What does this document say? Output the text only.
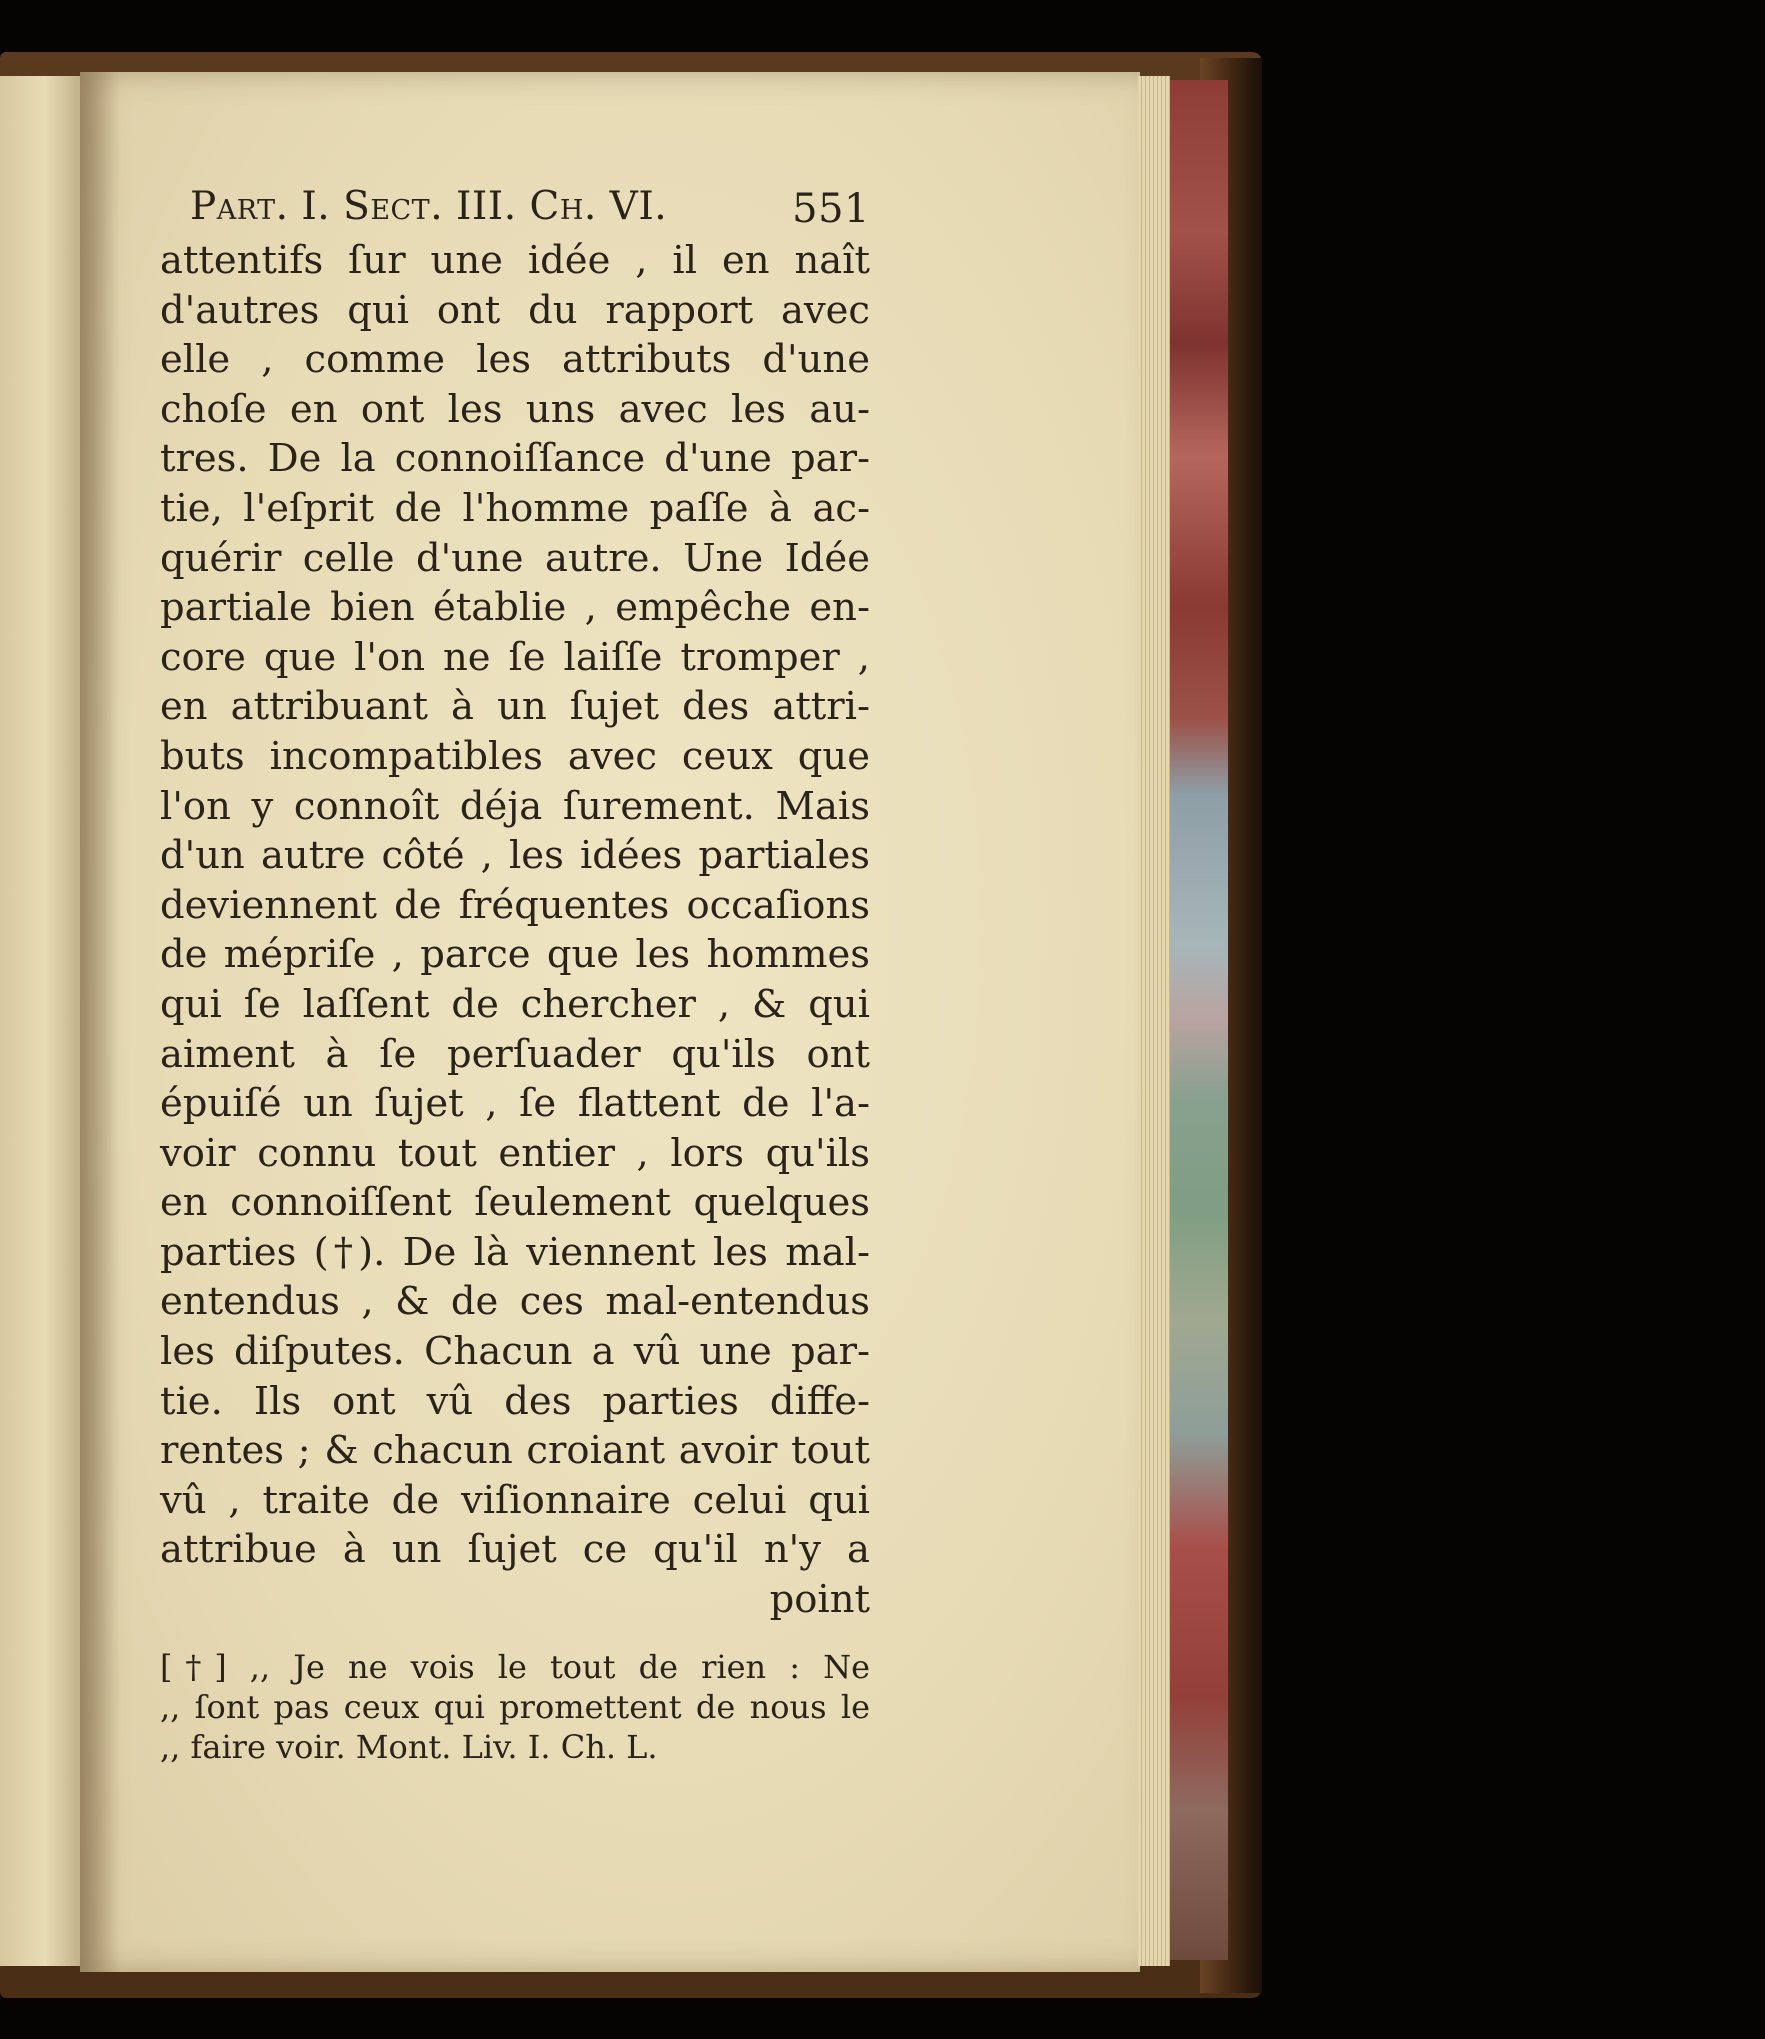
Part. I. Sect. III. Ch. VI.	551
attentifs ſur une idée , il en naît
d'autres qui ont du rapport avec
elle , comme les attributs d'une
choſe en ont les uns avec les au-
tres. De la connoiſſance d'une par-
tie, l'eſprit de l'homme paſſe à ac-
quérir celle d'une autre. Une Idée
partiale bien établie , empêche en-
core que l'on ne ſe laiſſe tromper ,
en attribuant à un ſujet des attri-
buts incompatibles avec ceux que
l'on y connoît déja ſurement. Mais
d'un autre côté , les idées partiales
deviennent de fréquentes occaſions
de mépriſe , parce que les hommes
qui ſe laſſent de chercher , & qui
aiment à ſe perſuader qu'ils ont
épuiſé un ſujet , ſe flattent de l'a-
voir connu tout entier , lors qu'ils
en connoiſſent ſeulement quelques
parties (†). De là viennent les mal-
entendus , & de ces mal-entendus
les diſputes. Chacun a vû une par-
tie. Ils ont vû des parties diffe-
rentes ; & chacun croiant avoir tout
vû , traite de viſionnaire celui qui
attribue à un ſujet ce qu'il n'y a
point
[†] ,, Je ne vois le tout de rien : Ne
,, ſont pas ceux qui promettent de nous le
,, faire voir. Mont. Liv. I. Ch. L.
